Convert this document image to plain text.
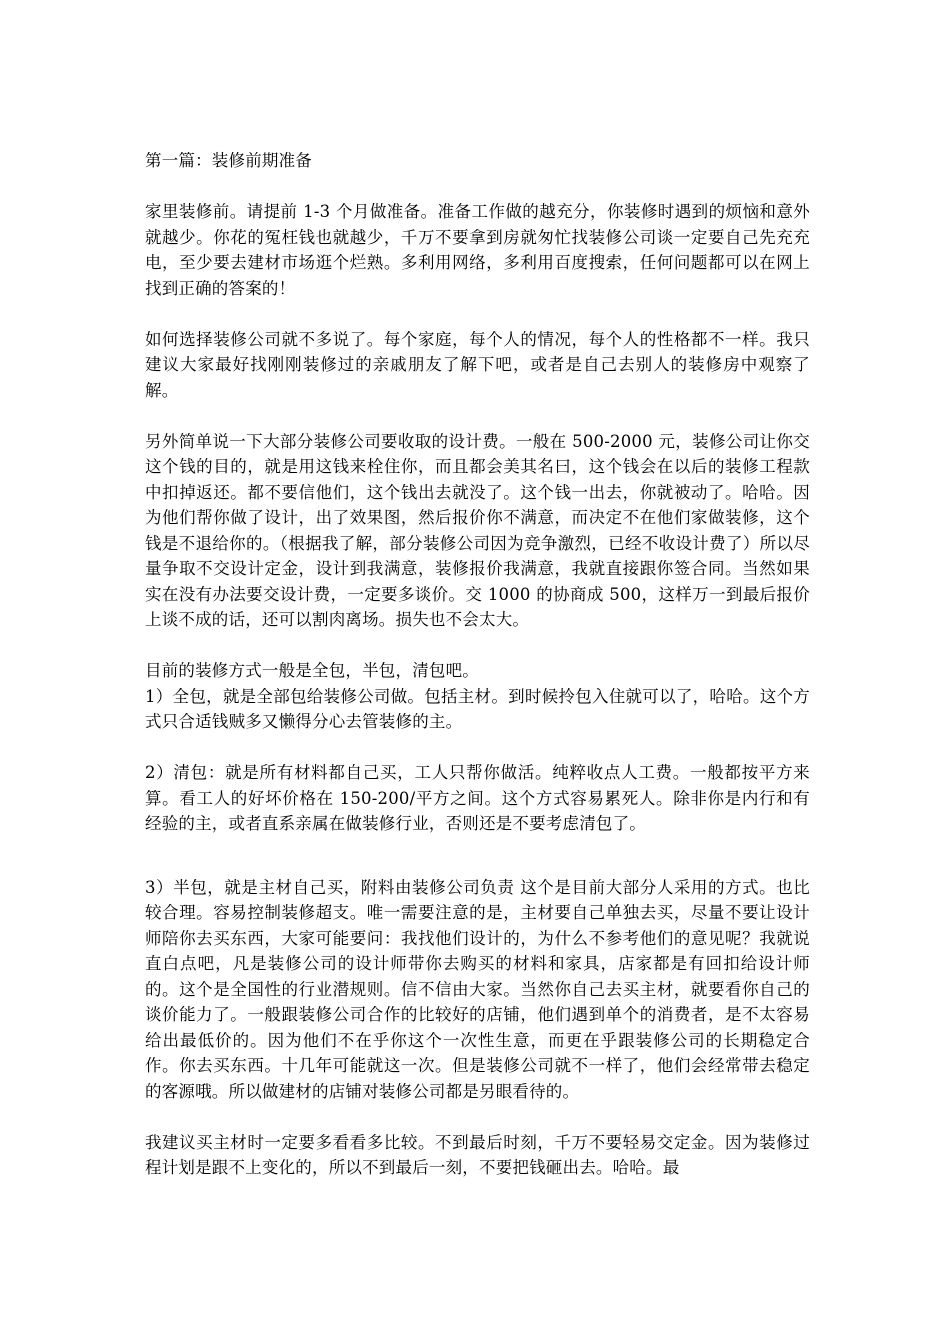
第一篇：装修前期准备

家里装修前。请提前 1-3 个月做准备。准备工作做的越充分，你装修时遇到的烦恼和意外就越少。你花的冤枉钱也就越少，千万不要拿到房就匆忙找装修公司谈一定要自己先充充电，至少要去建材市场逛个烂熟。多利用网络，多利用百度搜索，任何问题都可以在网上找到正确的答案的！

如何选择装修公司就不多说了。每个家庭，每个人的情况，每个人的性格都不一样。我只建议大家最好找刚刚装修过的亲戚朋友了解下吧，或者是自己去别人的装修房中观察了解。

另外简单说一下大部分装修公司要收取的设计费。一般在 500-2000 元，装修公司让你交这个钱的目的，就是用这钱来栓住你，而且都会美其名曰，这个钱会在以后的装修工程款中扣掉返还。都不要信他们，这个钱出去就没了。这个钱一出去，你就被动了。哈哈。因为他们帮你做了设计，出了效果图，然后报价你不满意，而决定不在他们家做装修，这个钱是不退给你的。（根据我了解，部分装修公司因为竞争激烈，已经不收设计费了）所以尽量争取不交设计定金，设计到我满意，装修报价我满意，我就直接跟你签合同。当然如果实在没有办法要交设计费，一定要多谈价。交 1000 的协商成 500，这样万一到最后报价上谈不成的话，还可以割肉离场。损失也不会太大。

目前的装修方式一般是全包，半包，清包吧。

1）全包，就是全部包给装修公司做。包括主材。到时候拎包入住就可以了，哈哈。这个方式只合适钱贼多又懒得分心去管装修的主。

2）清包：就是所有材料都自己买，工人只帮你做活。纯粹收点人工费。一般都按平方来算。看工人的好坏价格在 150-200/平方之间。这个方式容易累死人。除非你是内行和有经验的主，或者直系亲属在做装修行业，否则还是不要考虑清包了。

3）半包，就是主材自己买，附料由装修公司负责 这个是目前大部分人采用的方式。也比较合理。容易控制装修超支。唯一需要注意的是，主材要自己单独去买，尽量不要让设计师陪你去买东西，大家可能要问：我找他们设计的，为什么不参考他们的意见呢？我就说直白点吧，凡是装修公司的设计师带你去购买的材料和家具，店家都是有回扣给设计师的。这个是全国性的行业潜规则。信不信由大家。当然你自己去买主材，就要看你自己的谈价能力了。一般跟装修公司合作的比较好的店铺，他们遇到单个的消费者，是不太容易给出最低价的。因为他们不在乎你这个一次性生意，而更在乎跟装修公司的长期稳定合作。你去买东西。十几年可能就这一次。但是装修公司就不一样了，他们会经常带去稳定的客源哦。所以做建材的店铺对装修公司都是另眼看待的。

我建议买主材时一定要多看看多比较。不到最后时刻，千万不要轻易交定金。因为装修过程计划是跟不上变化的，所以不到最后一刻，不要把钱砸出去。哈哈。最
